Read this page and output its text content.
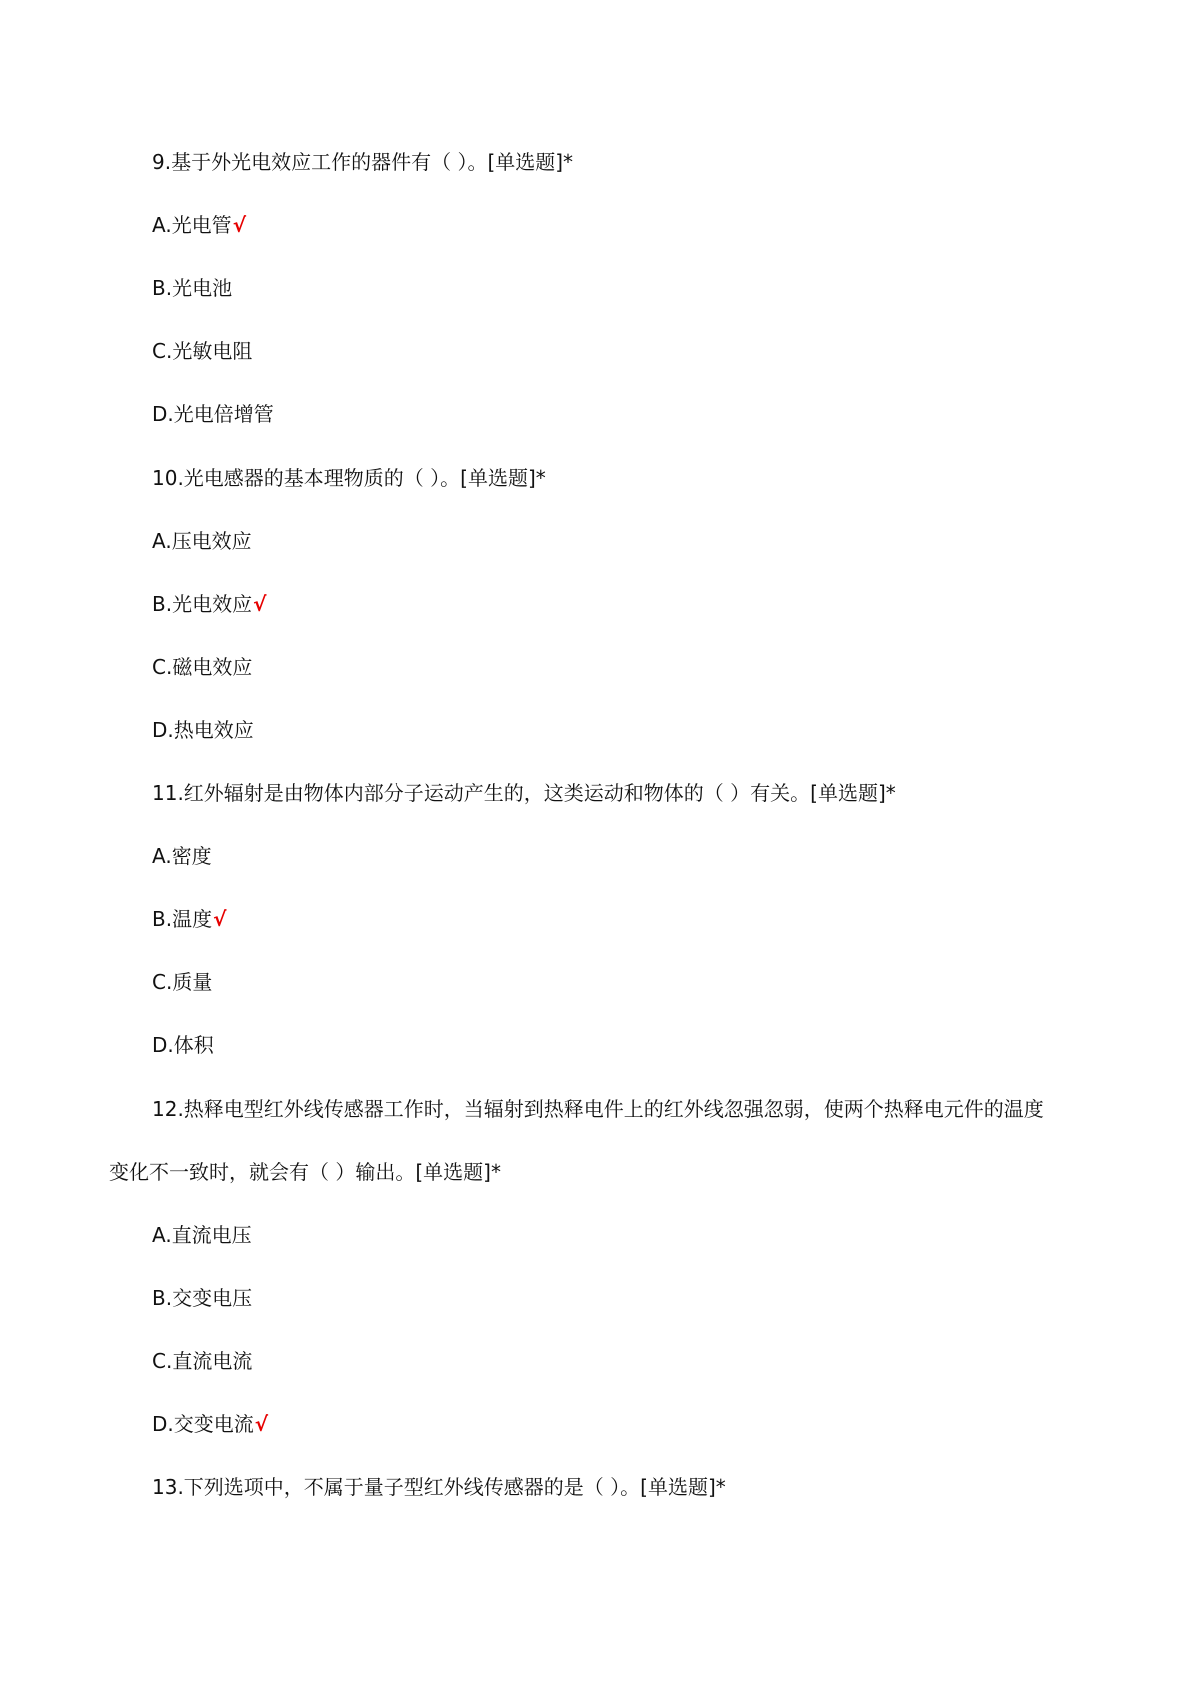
9.基于外光电效应工作的器件有（ ）。[单选题]*
A.光电管√
B.光电池
C.光敏电阻
D.光电倍增管
10.光电感器的基本理物质的（ ）。[单选题]*
A.压电效应
B.光电效应√
C.磁电效应
D.热电效应
11.红外辐射是由物体内部分子运动产生的，这类运动和物体的（ ）有关。[单选题]*
A.密度
B.温度√
C.质量
D.体积
12.热释电型红外线传感器工作时，当辐射到热释电件上的红外线忽强忽弱，使两个热释电元件的温度
变化不一致时，就会有（ ）输出。[单选题]*
A.直流电压
B.交变电压
C.直流电流
D.交变电流√
13.下列选项中，不属于量子型红外线传感器的是（ ）。[单选题]*
